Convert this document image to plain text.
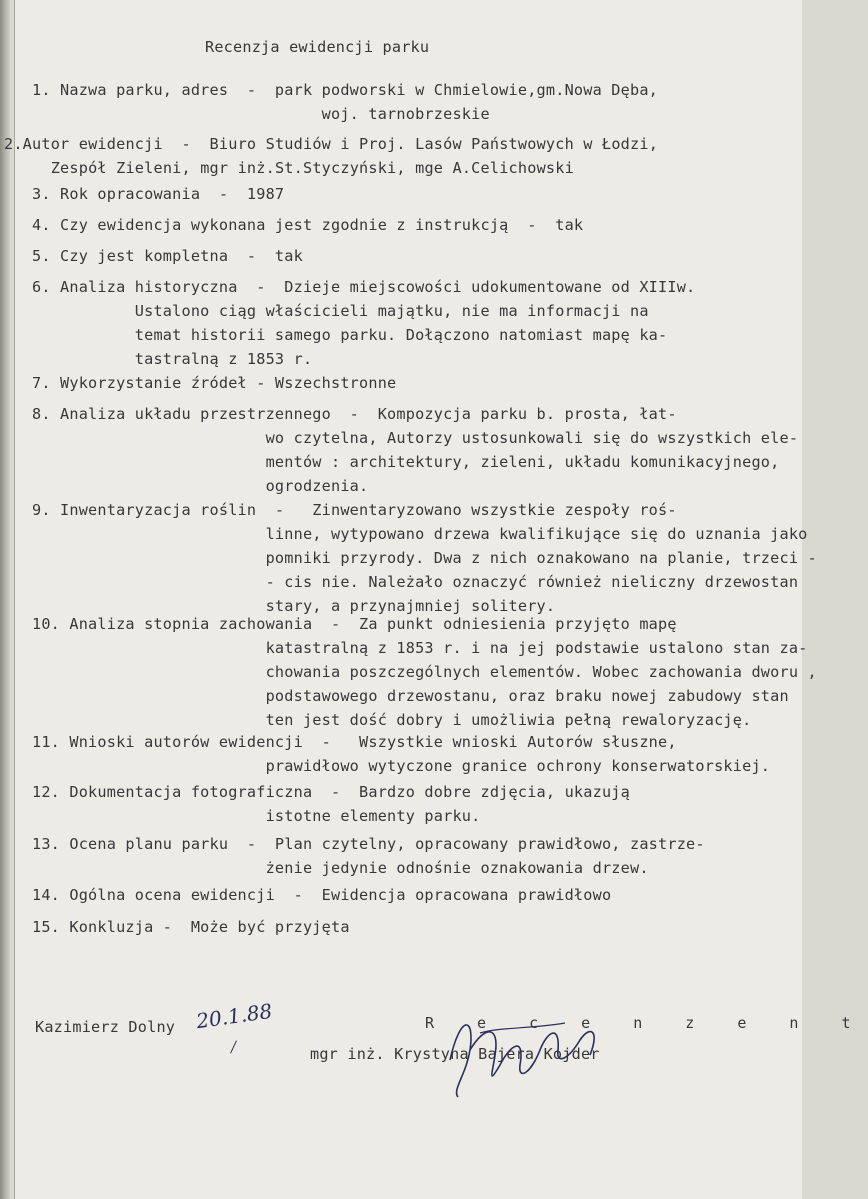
Recenzja ewidencji parku
1. Nazwa parku, adres  -  park podworski w Chmielowie,gm.Nowa Dęba,
woj. tarnobrzeskie
2.Autor ewidencji  -  Biuro Studiów i Proj. Lasów Państwowych w Łodzi,
Zespół Zieleni, mgr inż.St.Styczyński, mge A.Celichowski
3. Rok opracowania  -  1987
4. Czy ewidencja wykonana jest zgodnie z instrukcją  -  tak
5. Czy jest kompletna  -  tak
6. Analiza historyczna  -  Dzieje miejscowości udokumentowane od XIIIw.
Ustalono ciąg właścicieli majątku, nie ma informacji na
temat historii samego parku. Dołączono natomiast mapę ka-
tastralną z 1853 r.
7. Wykorzystanie źródeł - Wszechstronne
8. Analiza układu przestrzennego  -  Kompozycja parku b. prosta, łat-
wo czytelna, Autorzy ustosunkowali się do wszystkich ele-
mentów : architektury, zieleni, układu komunikacyjnego,
ogrodzenia.
9. Inwentaryzacja roślin  -   Zinwentaryzowano wszystkie zespoły roś-
linne, wytypowano drzewa kwalifikujące się do uznania jako
pomniki przyrody. Dwa z nich oznakowano na planie, trzeci -
- cis nie. Należało oznaczyć również nieliczny drzewostan
stary, a przynajmniej solitery.
10. Analiza stopnia zachowania  -  Za punkt odniesienia przyjęto mapę
katastralną z 1853 r. i na jej podstawie ustalono stan za-
chowania poszczególnych elementów. Wobec zachowania dworu ,
podstawowego drzewostanu, oraz braku nowej zabudowy stan
ten jest dość dobry i umożliwia pełną rewaloryzację.
11. Wnioski autorów ewidencji  -   Wszystkie wnioski Autorów słuszne,
prawidłowo wytyczone granice ochrony konserwatorskiej.
12. Dokumentacja fotograficzna  -  Bardzo dobre zdjęcia, ukazują
istotne elementy parku.
13. Ocena planu parku  -  Plan czytelny, opracowany prawidłowo, zastrze-
żenie jedynie odnośnie oznakowania drzew.
14. Ogólna ocena ewidencji  -  Ewidencja opracowana prawidłowo
15. Konkluzja -  Może być przyjęta
Kazimierz Dolny 20.1.88	R e c e n z e n t
mgr inż. Krystyna Bajera Kojder
